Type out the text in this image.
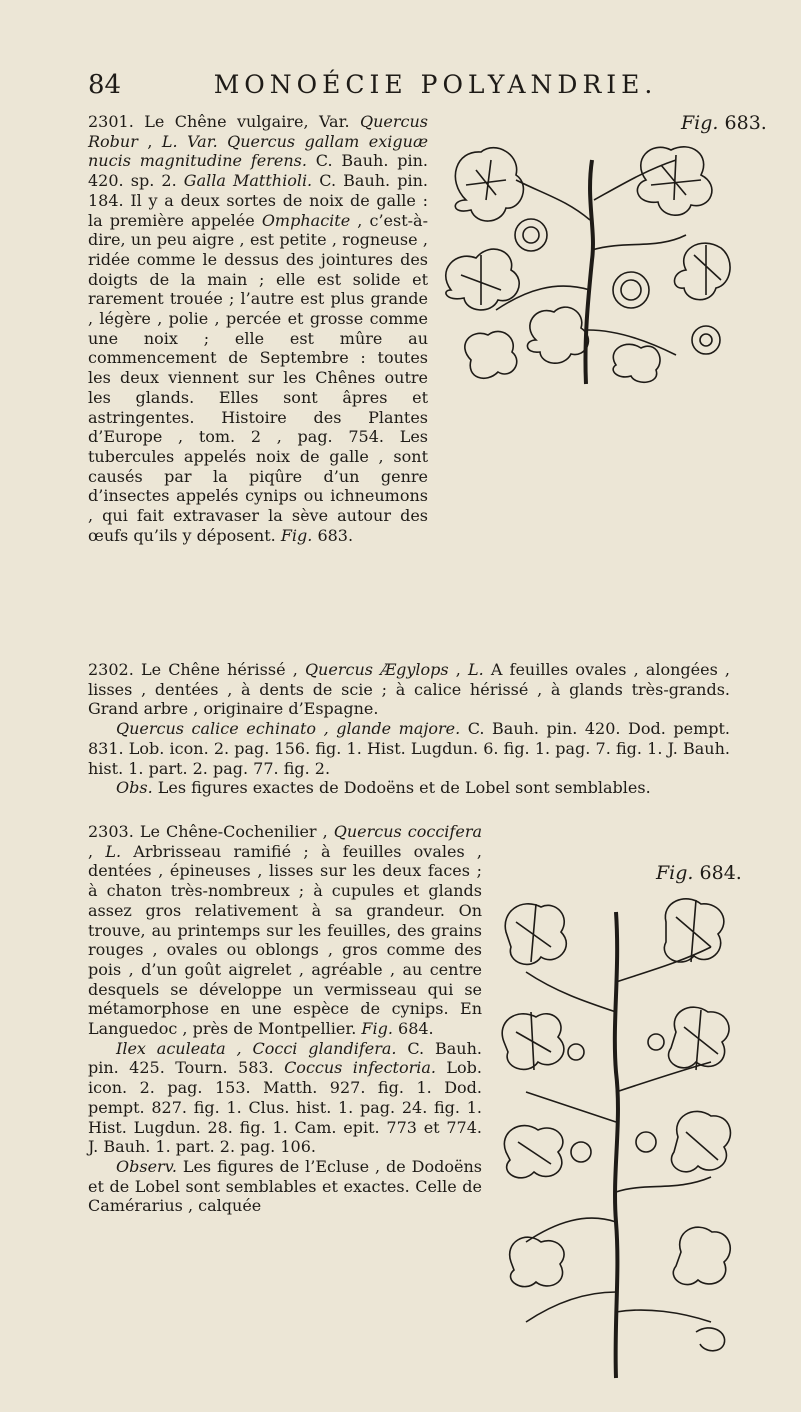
84	MONOÉCIE POLYANDRIE.
Fig. 683.

2301. Le Chêne vulgaire, Var. Quercus Robur , L. Var. Quercus gallam exiguæ nucis magnitudine ferens. C. Bauh. pin. 420. sp. 2. Galla Matthioli. C. Bauh. pin. 184. Il y a deux sortes de noix de galle : la première appelée Omphacite , c’est-à-dire, un peu aigre , est petite , rogneuse , ridée comme le dessus des jointures des doigts de la main ; elle est solide et rarement trouée ; l’autre est plus grande , légère , polie , percée et grosse comme une noix ; elle est mûre au commencement de Septembre : toutes les deux viennent sur les Chênes outre les glands. Elles sont âpres et astringentes. Histoire des Plantes d’Europe , tom. 2 , pag. 754. Les tubercules appelés noix de galle , sont causés par la piqûre d’un genre d’insectes appelés cynips ou ichneumons , qui fait extravaser la sève autour des œufs qu’ils y déposent. Fig. 683.

2302. Le Chêne hérissé , Quercus Ægylops , L. A feuilles ovales , alongées , lisses , dentées , à dents de scie ; à calice hérissé , à glands très-grands. Grand arbre , originaire d’Espagne.

Quercus calice echinato , glande majore. C. Bauh. pin. 420. Dod. pempt. 831. Lob. icon. 2. pag. 156. fig. 1. Hist. Lugdun. 6. fig. 1. pag. 7. fig. 1. J. Bauh. hist. 1. part. 2. pag. 77. fig. 2.

Obs. Les figures exactes de Dodoëns et de Lobel sont semblables.

Fig. 684.

2303. Le Chêne-Cochenilier , Quercus coccifera , L. Arbrisseau ramifié ; à feuilles ovales , dentées , épineuses , lisses sur les deux faces ; à chaton très-nombreux ; à cupules et glands assez gros relativement à sa grandeur. On trouve, au printemps sur les feuilles, des grains rouges , ovales ou oblongs , gros comme des pois , d’un goût aigrelet , agréable , au centre desquels se développe un vermisseau qui se métamorphose en une espèce de cynips. En Languedoc , près de Montpellier. Fig. 684.

Ilex aculeata , Cocci glandifera. C. Bauh. pin. 425. Tourn. 583. Coccus infectoria. Lob. icon. 2. pag. 153. Matth. 927. fig. 1. Dod. pempt. 827. fig. 1. Clus. hist. 1. pag. 24. fig. 1. Hist. Lugdun. 28. fig. 1. Cam. epit. 773 et 774. J. Bauh. 1. part. 2. pag. 106.

Observ. Les figures de l’Ecluse , de Dodoëns et de Lobel sont semblables et exactes. Celle de Camérarius , calquée
